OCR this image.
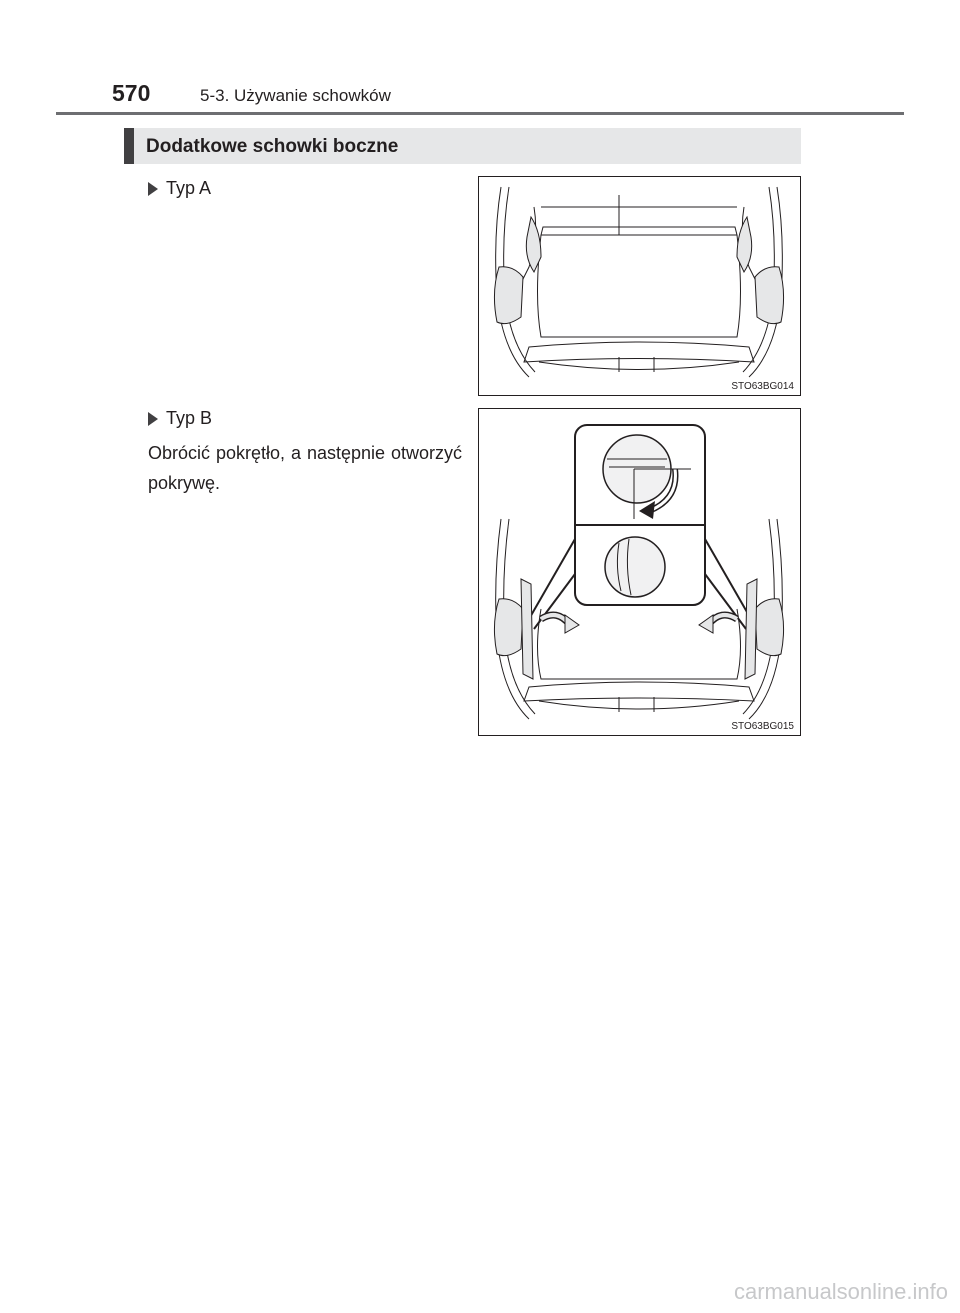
570	5-3. Używanie schowków
Dodatkowe schowki boczne
Typ A
STO63BG014
Typ B
Obrócić pokrętło, a następnie otworzyć pokrywę.
STO63BG015
carmanualsonline.info
